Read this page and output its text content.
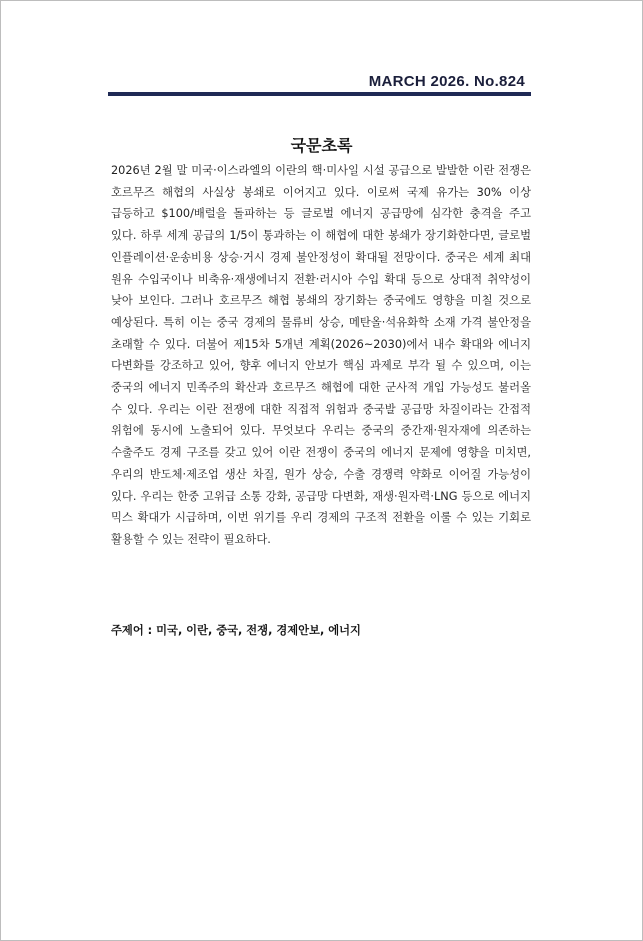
MARCH 2026. No.824
국문초록

2026년 2월 말 미국·이스라엘의 이란의 핵·미사일 시설 공급으로 발발한 이란 전쟁은 호르무즈 해협의 사실상 봉쇄로 이어지고 있다. 이로써 국제 유가는 30% 이상 급등하고 $100/배럴을 돌파하는 등 글로벌 에너지 공급망에 심각한 충격을 주고 있다. 하루 세계 공급의 1/5이 통과하는 이 해협에 대한 봉쇄가 장기화한다면, 글로벌 인플레이션·운송비용 상승·거시 경제 불안정성이 확대될 전망이다. 중국은 세계 최대 원유 수입국이나 비축유·재생에너지 전환·러시아 수입 확대 등으로 상대적 취약성이 낮아 보인다. 그러나 호르무즈 해협 봉쇄의 장기화는 중국에도 영향을 미칠 것으로 예상된다. 특히 이는 중국 경제의 물류비 상승, 메탄올·석유화학 소재 가격 불안정을 초래할 수 있다. 더불어 제15차 5개년 계획(2026~2030)에서 내수 확대와 에너지 다변화를 강조하고 있어, 향후 에너지 안보가 핵심 과제로 부각 될 수 있으며, 이는 중국의 에너지 민족주의 확산과 호르무즈 해협에 대한 군사적 개입 가능성도 불러올 수 있다. 우리는 이란 전쟁에 대한 직접적 위험과 중국발 공급망 차질이라는 간접적 위험에 동시에 노출되어 있다. 무엇보다 우리는 중국의 중간재·원자재에 의존하는 수출주도 경제 구조를 갖고 있어 이란 전쟁이 중국의 에너지 문제에 영향을 미치면, 우리의 반도체·제조업 생산 차질, 원가 상승, 수출 경쟁력 약화로 이어질 가능성이 있다. 우리는 한중 고위급 소통 강화, 공급망 다변화, 재생·원자력·LNG 등으로 에너지 믹스 확대가 시급하며, 이번 위기를 우리 경제의 구조적 전환을 이룰 수 있는 기회로 활용할 수 있는 전략이 필요하다.

주제어 : 미국, 이란, 중국, 전쟁, 경제안보, 에너지
